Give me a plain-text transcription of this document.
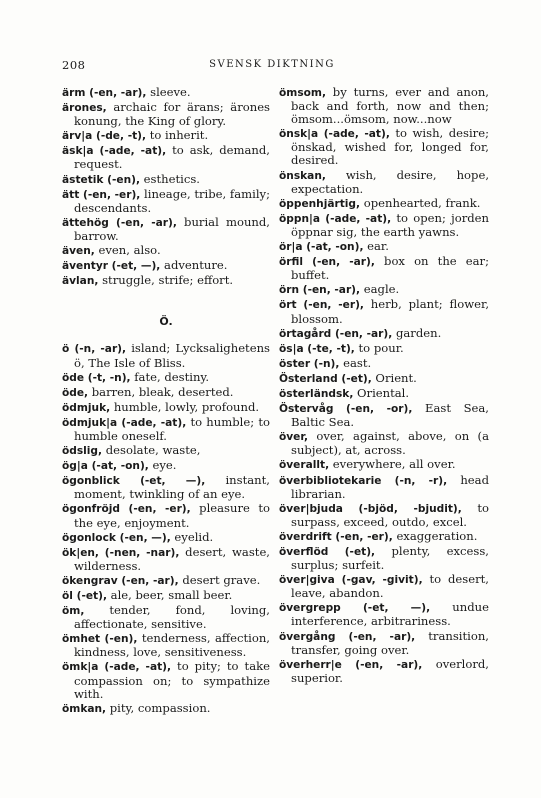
208	SVENSK DIKTNING
ärm (-en, -ar), sleeve.
ärones, archaic for ärans; ärones konung, the King of glory.
ärv|a (-de, -t), to inherit.
äsk|a (-ade, -at), to ask, demand, request.
ästetik (-en), esthetics.
ätt (-en, -er), lineage, tribe, family; descendants.
ättehög (-en, -ar), burial mound, barrow.
även, even, also.
äventyr (-et, —), adventure.
ävlan, struggle, strife; effort.
Ö.
ö (-n, -ar), island; Lycksalighetens ö, The Isle of Bliss.
öde (-t, -n), fate, destiny.
öde, barren, bleak, deserted.
ödmjuk, humble, lowly, profound.
ödmjuk|a (-ade, -at), to humble; to humble oneself.
ödslig, desolate, waste,
ög|a (-at, -on), eye.
ögonblick (-et, —), instant, moment, twinkling of an eye.
ögonfröjd (-en, -er), pleasure to the eye, enjoyment.
ögonlock (-en, —), eyelid.
ök|en, (-nen, -nar), desert, waste, wilderness.
ökengrav (-en, -ar), desert grave.
öl (-et), ale, beer, small beer.
öm, tender, fond, loving, affectionate, sensitive.
ömhet (-en), tenderness, affection, kindness, love, sensitiveness.
ömk|a (-ade, -at), to pity; to take compassion on; to sympathize with.
ömkan, pity, compassion.
ömsom, by turns, ever and anon, back and forth, now and then; ömsom...ömsom, now...now
önsk|a (-ade, -at), to wish, desire; önskad, wished for, longed for, desired.
önskan, wish, desire, hope, expectation.
öppenhjärtig, openhearted, frank.
öppn|a (-ade, -at), to open; jorden öppnar sig, the earth yawns.
ör|a (-at, -on), ear.
örfil (-en, -ar), box on the ear; buffet.
örn (-en, -ar), eagle.
ört (-en, -er), herb, plant; flower, blossom.
örtagård (-en, -ar), garden.
ös|a (-te, -t), to pour.
öster (-n), east.
Österland (-et), Orient.
österländsk, Oriental.
Östervåg (-en, -or), East Sea, Baltic Sea.
över, over, against, above, on (a subject), at, across.
överallt, everywhere, all over.
överbibliotekarie (-n, -r), head librarian.
över|bjuda (-bjöd, -bjudit), to surpass, exceed, outdo, excel.
överdrift (-en, -er), exaggeration.
överflöd (-et), plenty, excess, surplus; surfeit.
över|giva (-gav, -givit), to desert, leave, abandon.
övergrepp (-et, —), undue interference, arbitrariness.
övergång (-en, -ar), transition, transfer, going over.
överherr|e (-en, -ar), overlord, superior.
